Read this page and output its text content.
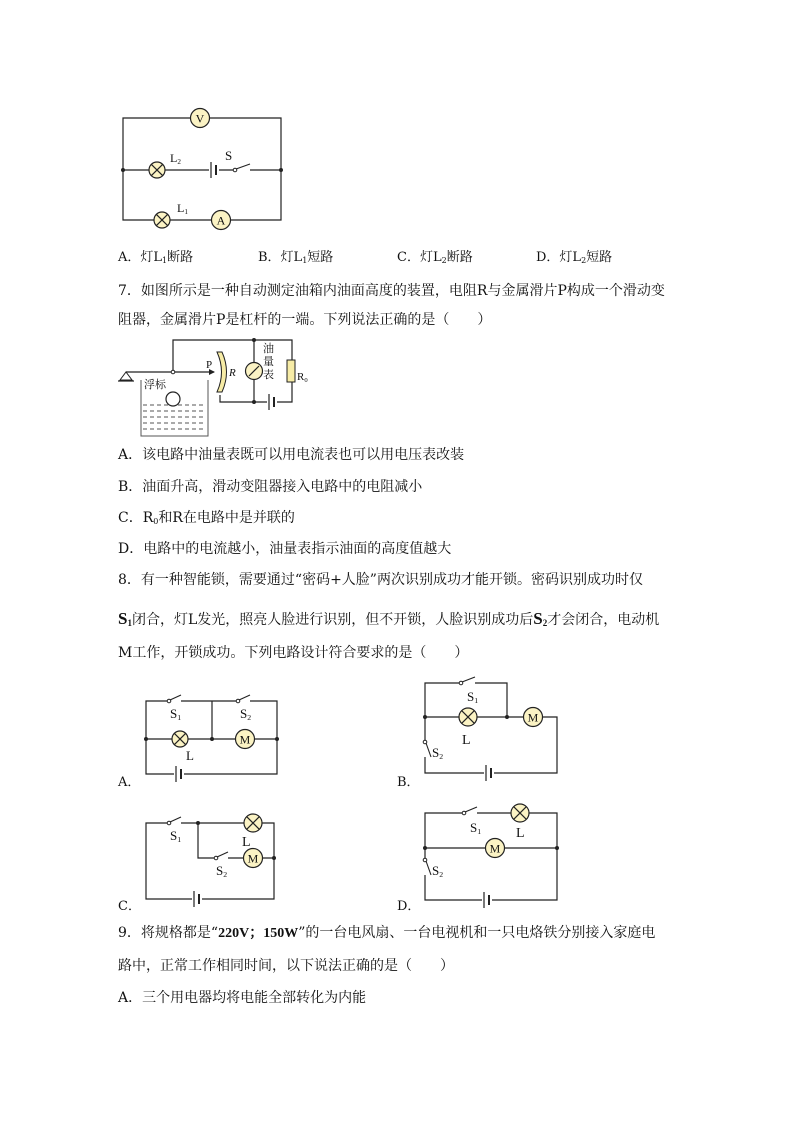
V
A
L2	S
L1
浮标
P
R
油
量
表 R0
M
S1	S2
L
M
S1
S2
L
M
S1
S2
L	M
S1
S2
L
A．灯$L_1$断路	B．灯$L_1$短路	C．灯$L_2$断路	D．灯$L_2$短路
7．如图所示是一种自动测定油箱内油面高度的装置，电阻R与金属滑片P构成一个滑动变
阻器，金属滑片P是杠杆的一端。下列说法正确的是（　　）
A．该电路中油量表既可以用电流表也可以用电压表改装
B．油面升高，滑动变阻器接入电路中的电阻减小
C．$R_0$和R在电路中是并联的
D．电路中的电流越小，油量表指示油面的高度值越大
8．有一种智能锁，需要通过“密码+人脸”两次识别成功才能开锁。密码识别成功时仅
$S_1$闭合，灯L发光，照亮人脸进行识别，但不开锁，人脸识别成功后$S_2$才会闭合，电动机
M工作，开锁成功。下列电路设计符合要求的是（　　）
A．	B．
C．	D．
9．将规格都是“220V；150W”的一台电风扇、一台电视机和一只电烙铁分别接入家庭电
路中，正常工作相同时间，以下说法正确的是（　　）
A．三个用电器均将电能全部转化为内能
